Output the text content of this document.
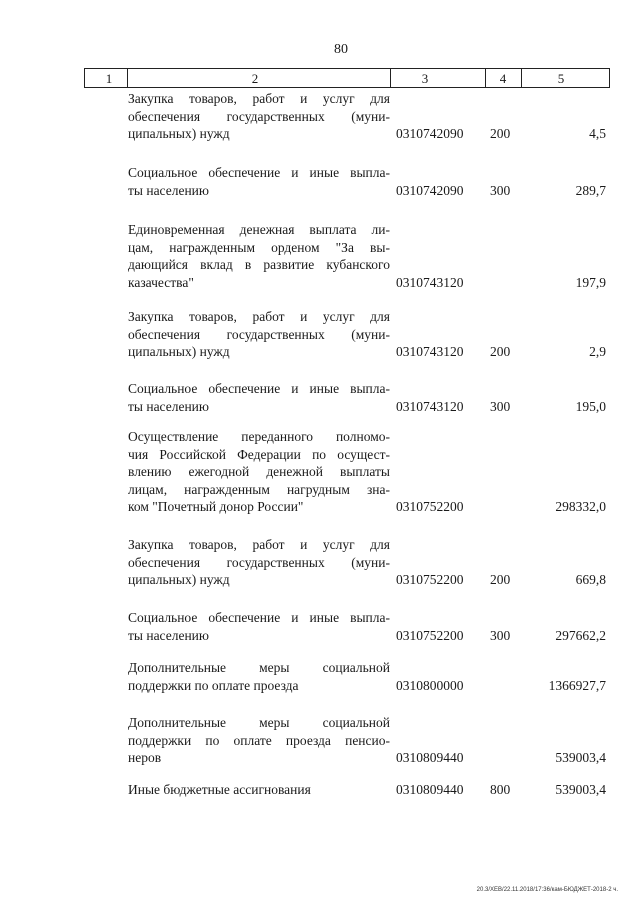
80
1	2	3	4	5
Закупка товаров, работ и услуг для
обеспечения государственных (муни-
ципальных) нужд	0310742090 200	4,5
Социальное обеспечение и иные выпла-
ты населению	0310742090 300	289,7
Единовременная денежная выплата ли-
цам, награжденным орденом "За вы-
дающийся вклад в развитие кубанского
казачества"	0310743120	197,9
Закупка товаров, работ и услуг для
обеспечения государственных (муни-
ципальных) нужд	0310743120 200	2,9
Социальное обеспечение и иные выпла-
ты населению	0310743120 300	195,0
Осуществление переданного полномо-
чия Российской Федерации по осущест-
влению ежегодной денежной выплаты
лицам, награжденным нагрудным зна-
ком "Почетный донор России"	0310752200	298332,0
Закупка товаров, работ и услуг для
обеспечения государственных (муни-
ципальных) нужд	0310752200 200	669,8
Социальное обеспечение и иные выпла-
ты населению	0310752200 300	297662,2
Дополнительные меры социальной
поддержки по оплате проезда	0310800000	1366927,7
Дополнительные меры социальной
поддержки по оплате проезда пенсио-
неров	0310809440	539003,4
Иные бюджетные ассигнования	0310809440 800	539003,4
20.3/ХЕВ/22.11.2018/17:36/кам-БЮДЖЕТ-2018-2 ч.
